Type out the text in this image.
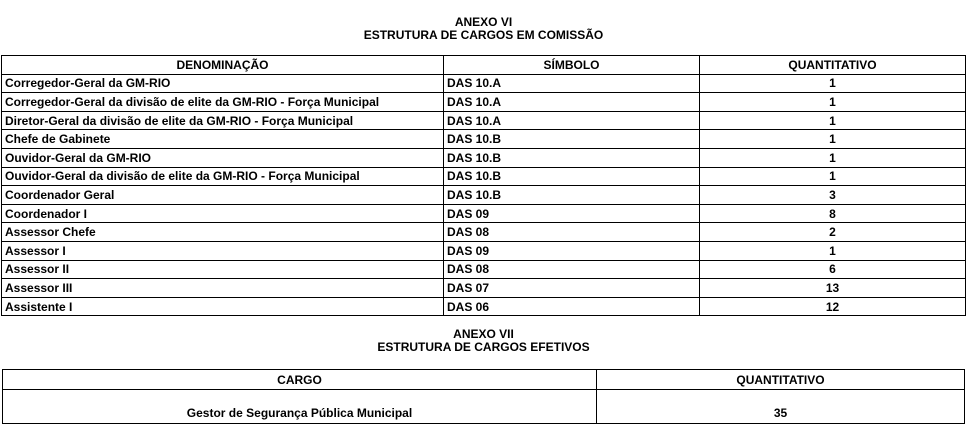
ANEXO VI
ESTRUTURA DE CARGOS EM COMISSÃO
DENOMINAÇÃO	SÍMBOLO	QUANTITATIVO
Corregedor-Geral da GM-RIO	DAS 10.A	1
Corregedor-Geral da divisão de elite da GM-RIO - Força Municipal	DAS 10.A	1
Diretor-Geral da divisão de elite da GM-RIO - Força Municipal	DAS 10.A	1
Chefe de Gabinete	DAS 10.B	1
Ouvidor-Geral da GM-RIO	DAS 10.B	1
Ouvidor-Geral da divisão de elite da GM-RIO - Força Municipal	DAS 10.B	1
Coordenador Geral	DAS 10.B	3
Coordenador I	DAS 09	8
Assessor Chefe	DAS 08	2
Assessor I	DAS 09	1
Assessor II	DAS 08	6
Assessor III	DAS 07	13
Assistente I	DAS 06	12
ANEXO VII
ESTRUTURA DE CARGOS EFETIVOS
CARGO	QUANTITATIVO
Gestor de Segurança Pública Municipal	35
